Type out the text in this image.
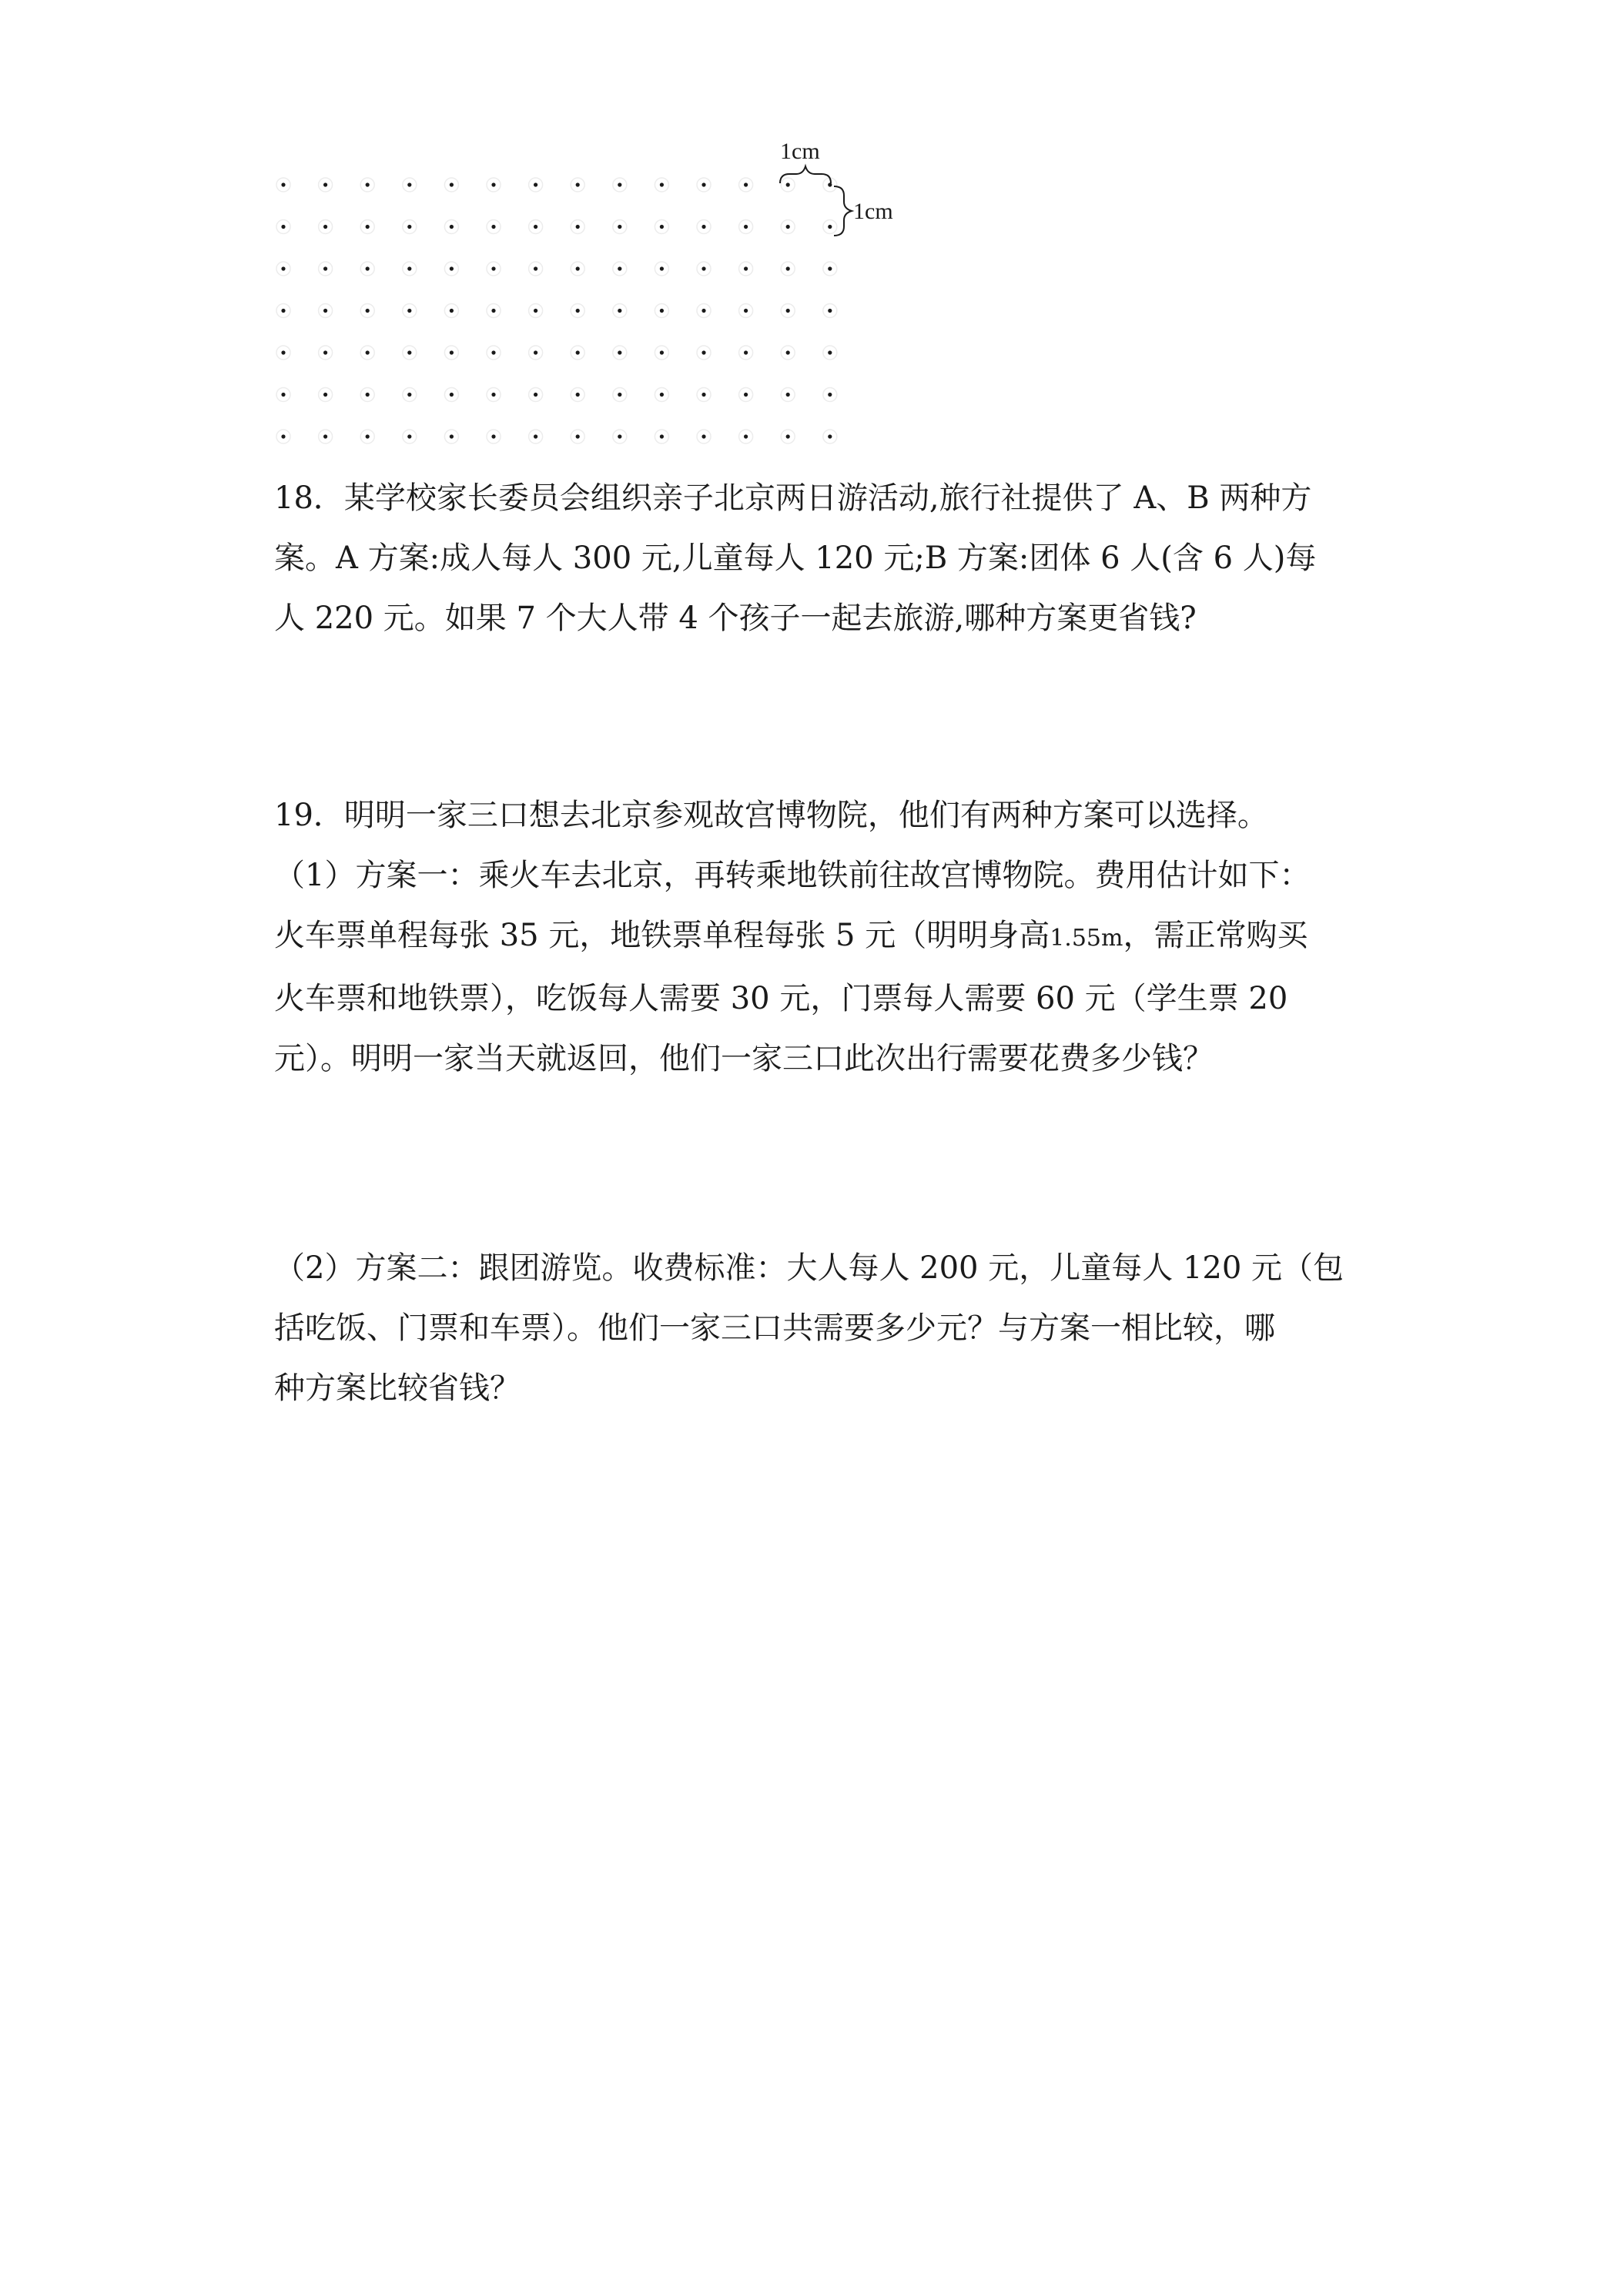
1cm
1cm

18．某学校家长委员会组织亲子北京两日游活动,旅行社提供了 A、B 两种方

案。A 方案:成人每人 300 元,儿童每人 120 元;B 方案:团体 6 人(含 6 人)每

人 220 元。如果 7 个大人带 4 个孩子一起去旅游,哪种方案更省钱?

19．明明一家三口想去北京参观故宫博物院，他们有两种方案可以选择。

（1）方案一：乘火车去北京，再转乘地铁前往故宫博物院。费用估计如下：

火车票单程每张 35 元，地铁票单程每张 5 元（明明身高1.55m，需正常购买

火车票和地铁票），吃饭每人需要 30 元，门票每人需要 60 元（学生票 20

元）。明明一家当天就返回，他们一家三口此次出行需要花费多少钱？

（2）方案二：跟团游览。收费标准：大人每人 200 元，儿童每人 120 元（包

括吃饭、门票和车票）。他们一家三口共需要多少元？与方案一相比较，哪

种方案比较省钱？
